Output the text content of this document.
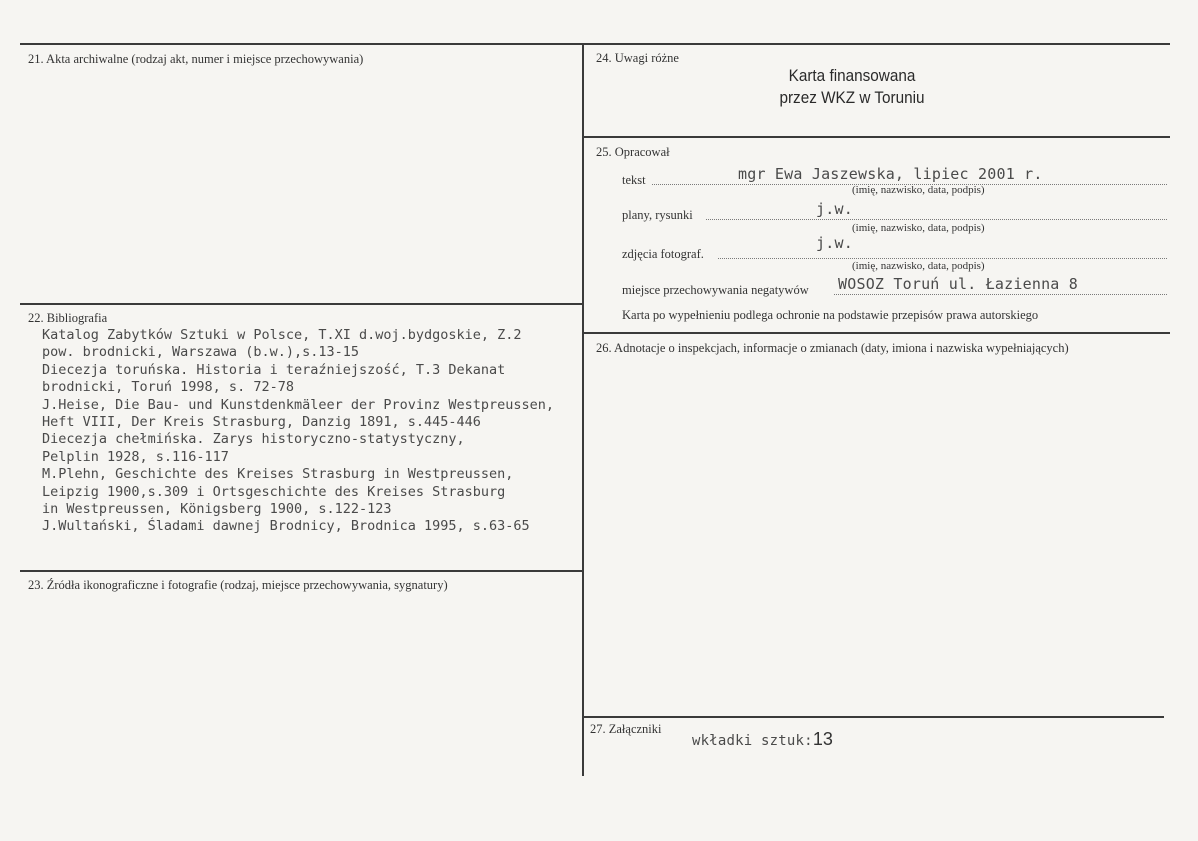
21. Akta archiwalne (rodzaj akt, numer i miejsce przechowywania)
22. Bibliografia
Katalog Zabytków Sztuki w Polsce, T.XI d.woj.bydgoskie, Z.2
pow. brodnicki, Warszawa (b.w.),s.13-15
Diecezja toruńska. Historia i teraźniejszość, T.3 Dekanat
brodnicki, Toruń 1998, s. 72-78
J.Heise, Die Bau- und Kunstdenkmäleer der Provinz Westpreussen,
Heft VIII, Der Kreis Strasburg, Danzig 1891, s.445-446
Diecezja chełmińska. Zarys historyczno-statystyczny,
Pelplin 1928, s.116-117
M.Plehn, Geschichte des Kreises Strasburg in Westpreussen,
Leipzig 1900,s.309 i Ortsgeschichte des Kreises Strasburg
in Westpreussen, Königsberg 1900, s.122-123
J.Wultański, Śladami dawnej Brodnicy, Brodnica 1995, s.63-65
23. Źródła ikonograficzne i fotografie (rodzaj, miejsce przechowywania, sygnatury)
24. Uwagi różne
Karta finansowana
przez WKZ w Toruniu
25. Opracował
tekst	mgr Ewa Jaszewska, lipiec 2001 r.
(imię, nazwisko, data, podpis)
plany, rysunki	j.w.
(imię, nazwisko, data, podpis)
zdjęcia fotograf.
j.w.
(imię, nazwisko, data, podpis)
miejsce przechowywania negatywów WOSOZ Toruń ul. Łazienna 8
Karta po wypełnieniu podlega ochronie na podstawie przepisów prawa autorskiego
26. Adnotacje o inspekcjach, informacje o zmianach (daty, imiona i nazwiska wypełniających)
27. Załączniki
wkładki sztuk:13
